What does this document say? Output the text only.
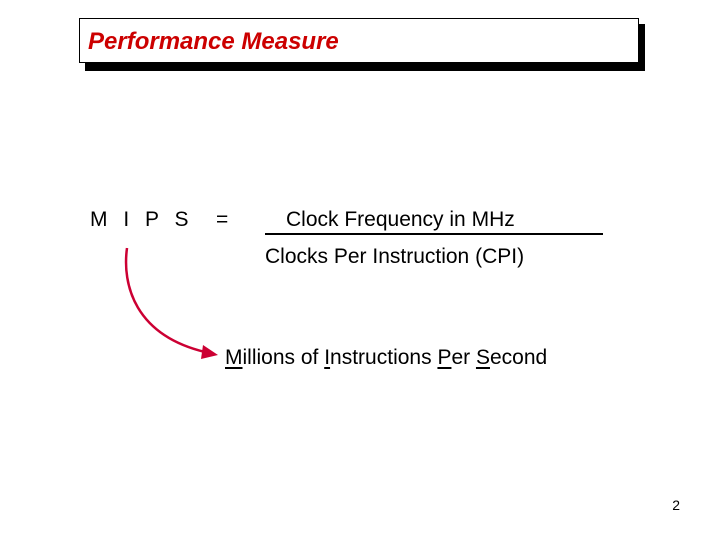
Performance Measure
M I P S =	Clock Frequency in MHz
Clocks Per Instruction (CPI)
Millions of Instructions Per Second
2
